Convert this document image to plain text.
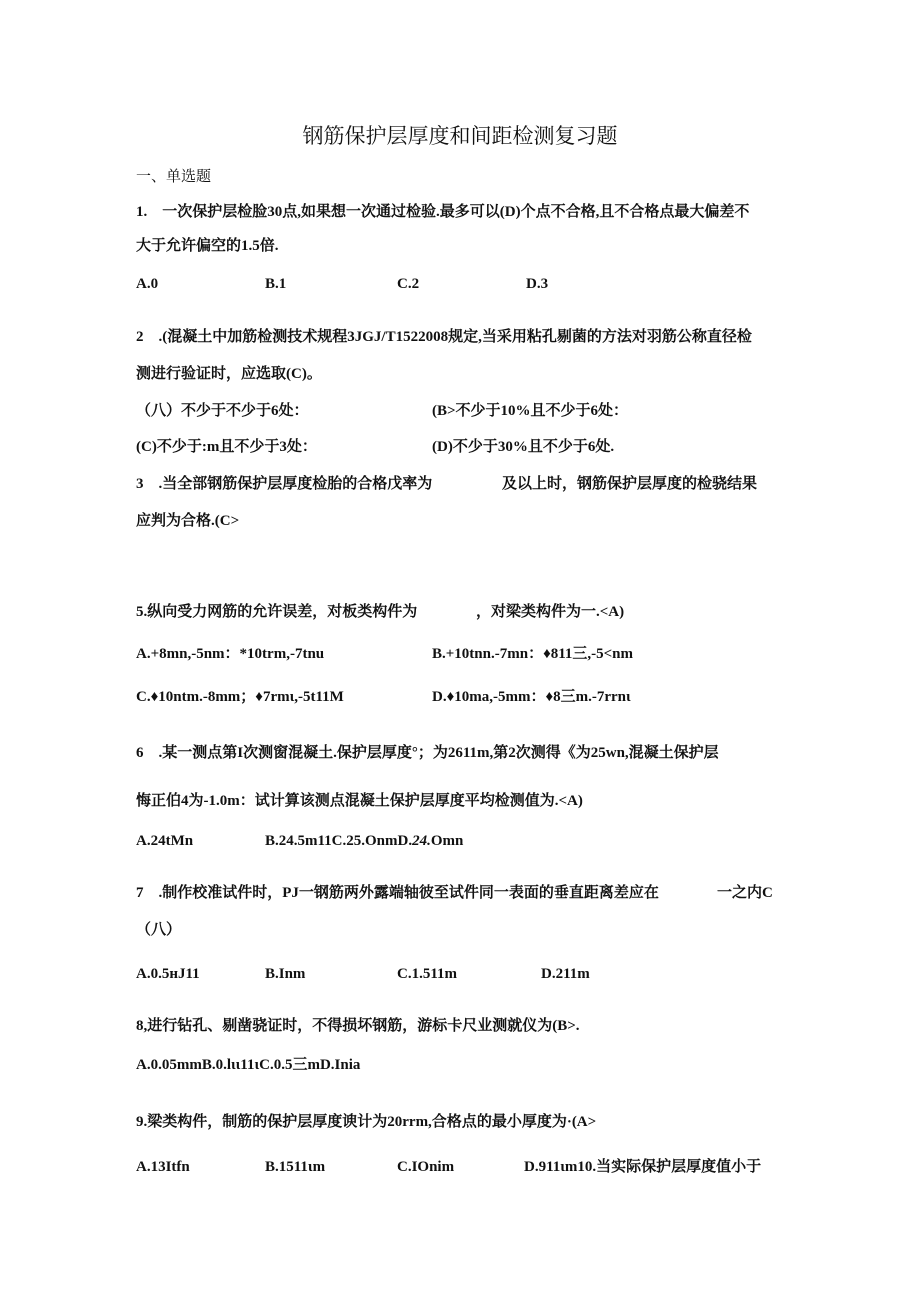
钢筋保护层厚度和间距检测复习题
一、单选题
1.　一次保护层检脸30点,如果想一次通过检验.最多可以(D)个点不合格,且不合格点最大偏差不
大于允许偏空的1.5倍.
A.0	B.1	C.2	D.3
2　.(混凝土中加筋检测技术规程3JGJ/T1522008规定,当采用粘孔剔菌的方法对羽筋公称直径检
测进行验证时，应选取(C)。
（八）不少于不少于6处：	(B>不少于10%且不少于6处：
(C)不少于:m且不少于3处：	(D)不少于30%且不少于6处.
3　.当全部钢筋保护层厚度检胎的合格戊率为	及以上时，钢筋保护层厚度的检骁结果
应判为合格.(C>
5.纵向受力网筋的允许误差，对板类构件为	，对梁类构件为一.<A)
A.+8mn,-5nm：*10trm,-7tnu	B.+10tnn.-7mn：♦811三,-5<nm
C.♦10ntm.-8mm；♦7rmι,-5t11M	D.♦10ma,-5mm：♦8三m.-7rrnι
6　.某一测点第I次测窗混凝土.保护层厚度°；为2611m,第2次测得《为25wn,混凝土保护层
悔正伯4为-1.0m：试计算该测点混凝土保护层厚度平均检测值为.<A)
A.24tMn	B.24.5m11C.25.OnmD.24.Omn
7　.制作校准试件时，PJ一钢筋两外露端轴彼至试件同一表面的垂直距离差应在	一之内C
（八）
A.0.5нJ11	B.Inm	C.1.511m	D.211m
8,进行钻孔、剔凿骁证时，不得损坏钢筋，游标卡尺业测就仪为(B>.
A.0.05mmB.0.lιι11ιC.0.5三mD.Inia
9.梁类构件，制筋的保护层厚度谀计为20rrm,合格点的最小厚度为·(A>
A.13Itfn	B.1511ιm	C.IOnim	D.911ιm10.当实际保护层厚度值小于
